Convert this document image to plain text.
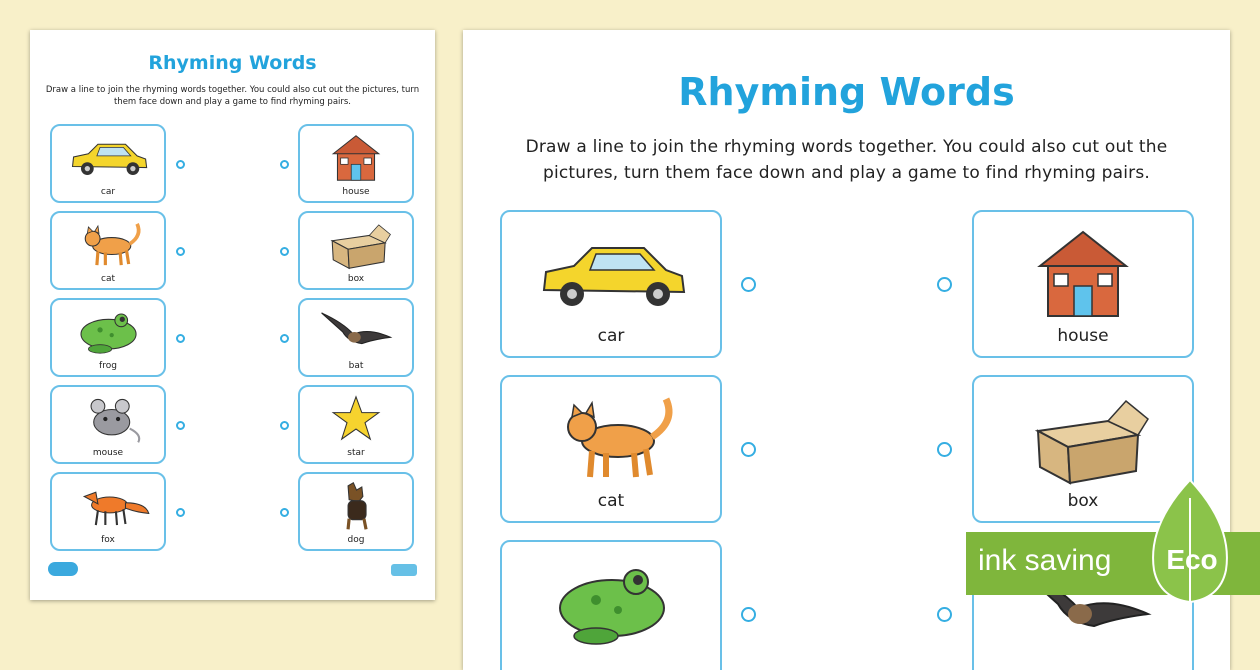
Rhyming Words
Draw a line to join the rhyming words together. You could also cut out the pictures, turn them face down and play a game to find rhyming pairs.
car
cat
frog
mouse
fox
house
box
bat
star
dog
Rhyming Words
Draw a line to join the rhyming words together. You could also cut out the pictures, turn them face down and play a game to find rhyming pairs.
car
cat
house
box
ink saving Eco
